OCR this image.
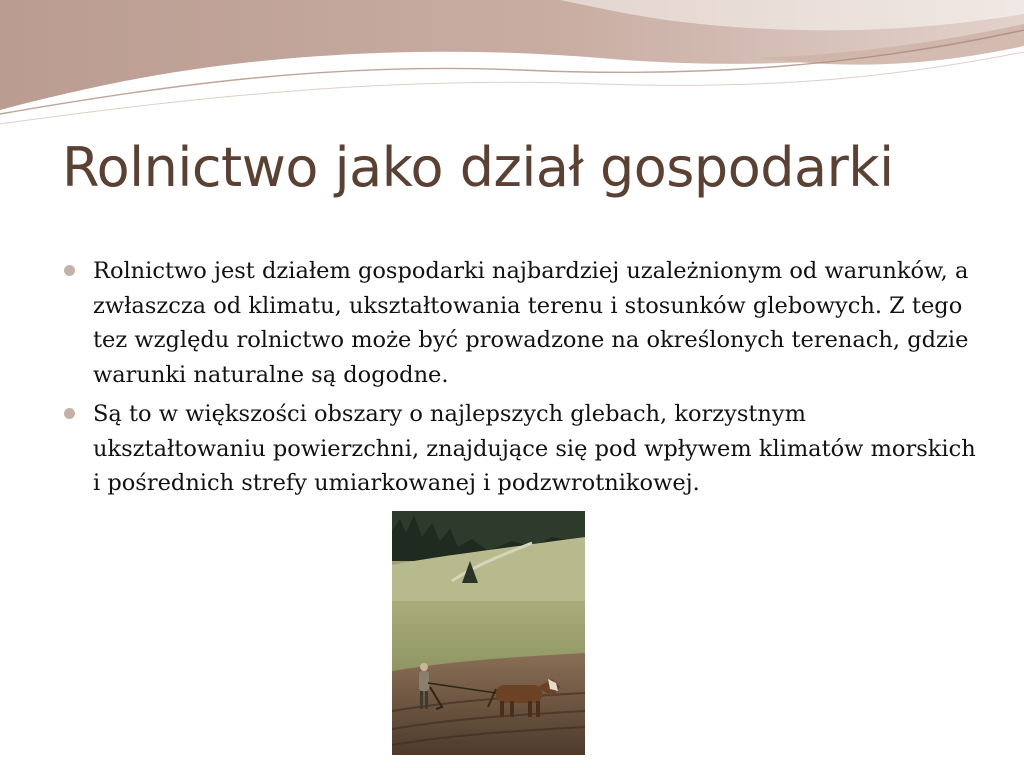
Rolnictwo jako dział gospodarki
Rolnictwo jest działem gospodarki najbardziej uzależnionym od warunków, a zwłaszcza od klimatu, ukształtowania terenu i stosunków glebowych. Z tego tez względu rolnictwo może być prowadzone na określonych terenach, gdzie warunki naturalne są dogodne.
Są to w większości obszary o najlepszych glebach, korzystnym ukształtowaniu powierzchni, znajdujące się pod wpływem klimatów morskich i pośrednich strefy umiarkowanej i podzwrotnikowej.
